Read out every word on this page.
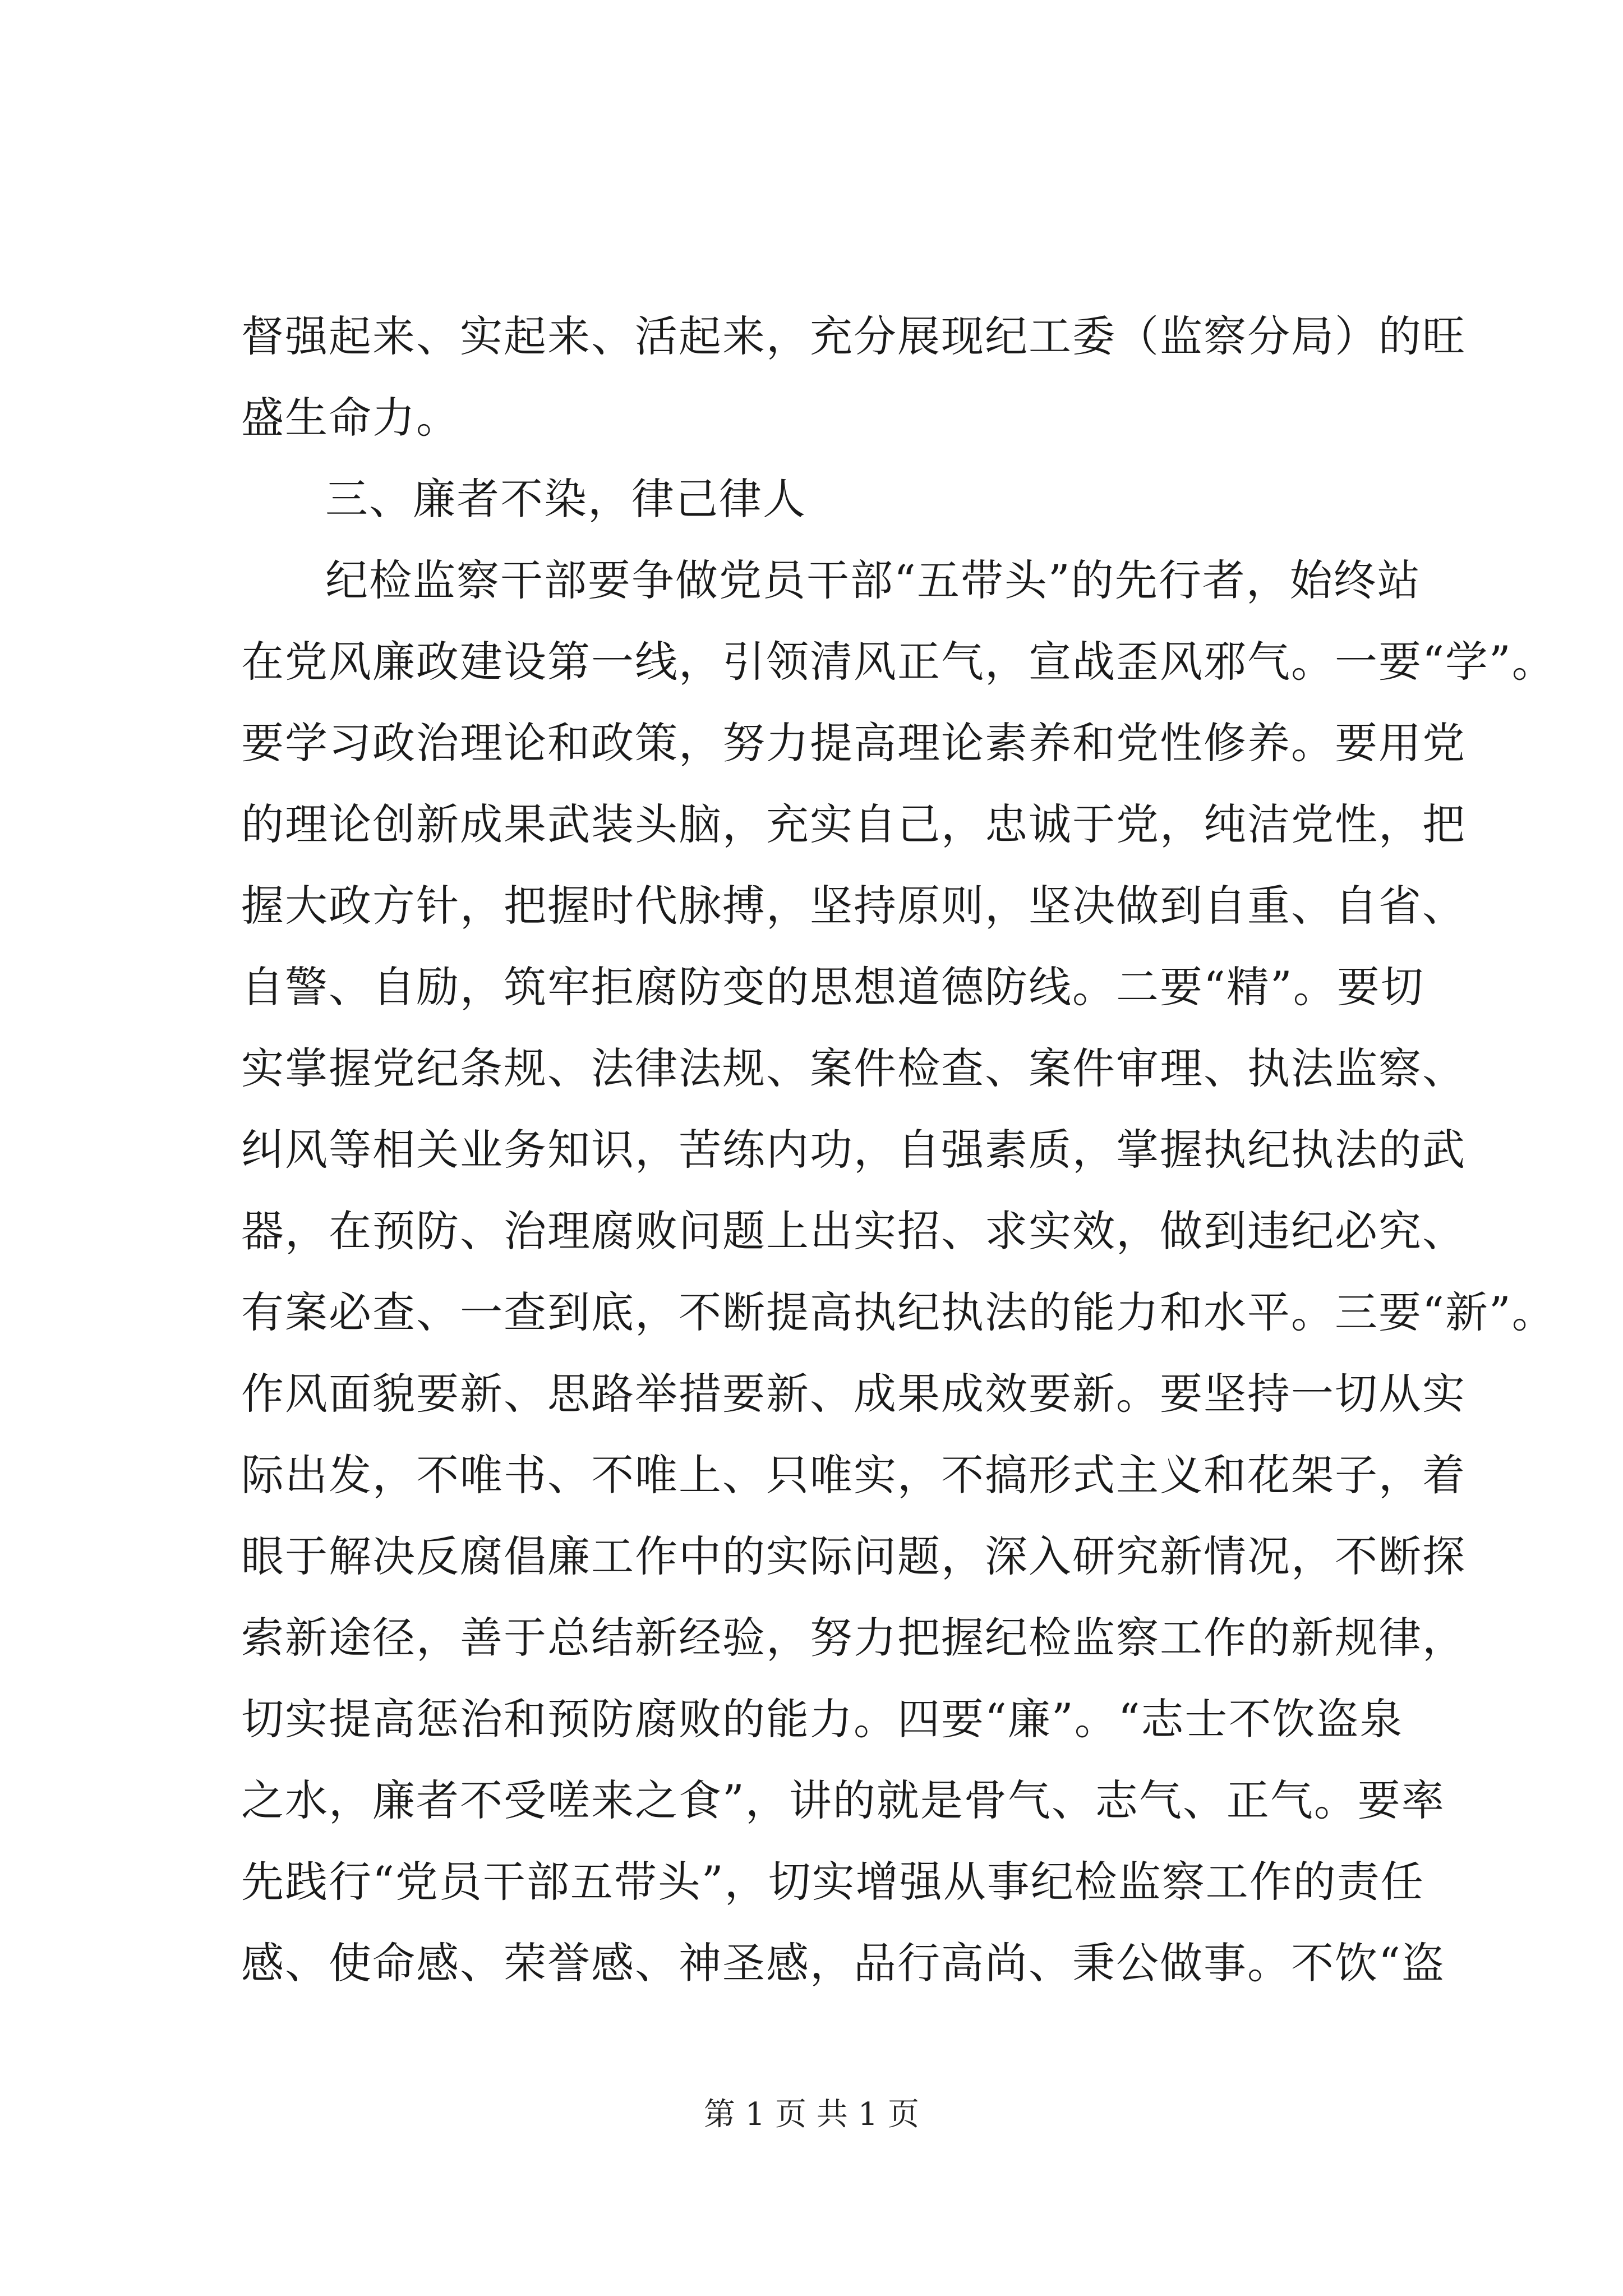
督强起来、实起来、活起来，充分展现纪工委（监察分局）的旺
盛生命力。
三、廉者不染，律己律人
纪检监察干部要争做党员干部“五带头”的先行者，始终站
在党风廉政建设第一线，引领清风正气，宣战歪风邪气。一要“学”。
要学习政治理论和政策，努力提高理论素养和党性修养。要用党
的理论创新成果武装头脑，充实自己，忠诚于党，纯洁党性，把
握大政方针，把握时代脉搏，坚持原则，坚决做到自重、自省、
自警、自励，筑牢拒腐防变的思想道德防线。二要“精”。要切
实掌握党纪条规、法律法规、案件检查、案件审理、执法监察、
纠风等相关业务知识，苦练内功，自强素质，掌握执纪执法的武
器，在预防、治理腐败问题上出实招、求实效，做到违纪必究、
有案必查、一查到底，不断提高执纪执法的能力和水平。三要“新”。
作风面貌要新、思路举措要新、成果成效要新。要坚持一切从实
际出发，不唯书、不唯上、只唯实，不搞形式主义和花架子，着
眼于解决反腐倡廉工作中的实际问题，深入研究新情况，不断探
索新途径，善于总结新经验，努力把握纪检监察工作的新规律，
切实提高惩治和预防腐败的能力。四要“廉”。“志士不饮盗泉
之水，廉者不受嗟来之食”，讲的就是骨气、志气、正气。要率
先践行“党员干部五带头”，切实增强从事纪检监察工作的责任
感、使命感、荣誉感、神圣感，品行高尚、秉公做事。不饮“盗
第 1 页 共 1 页
